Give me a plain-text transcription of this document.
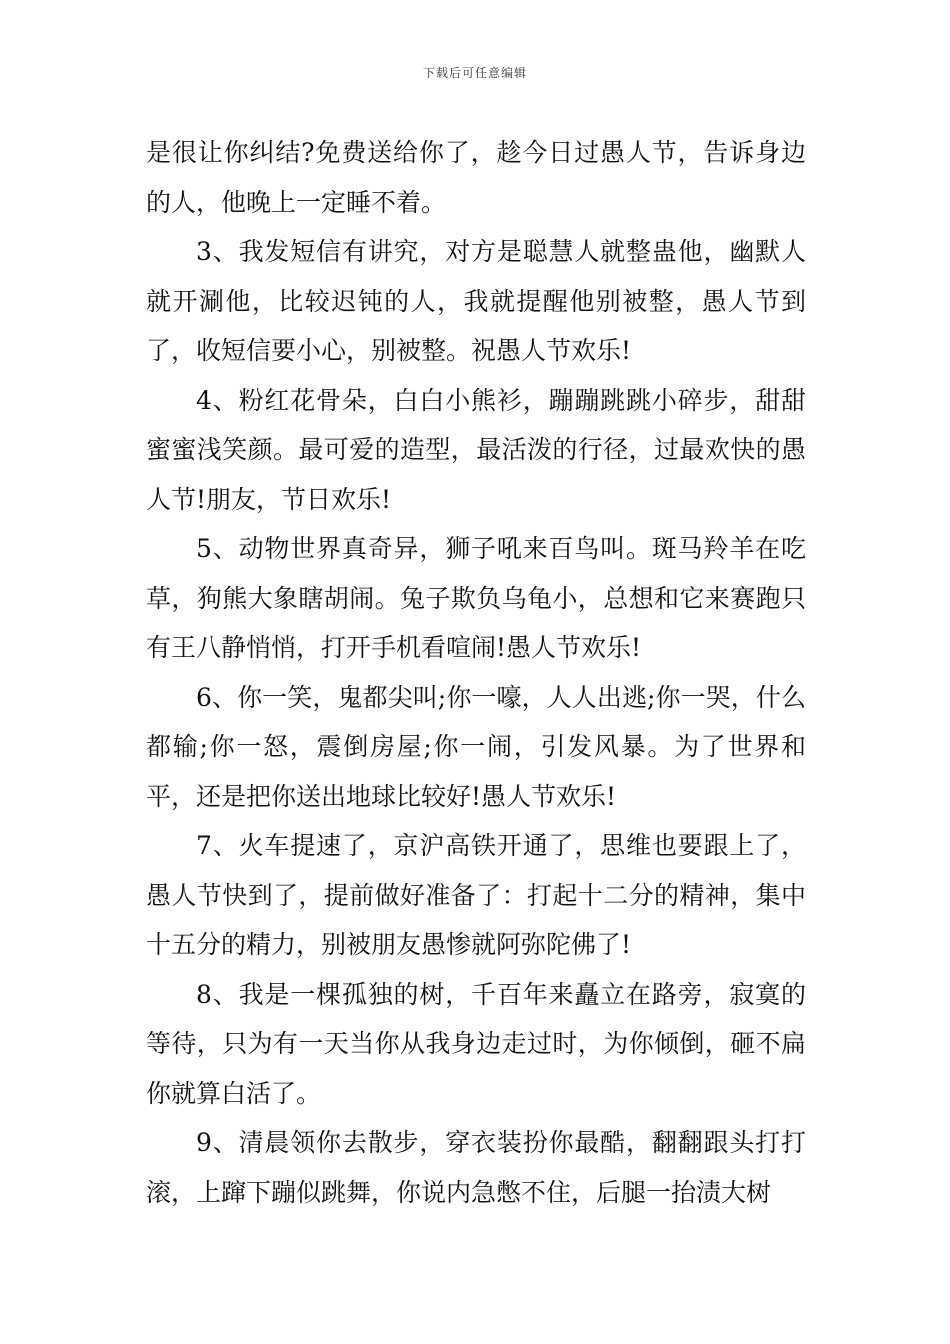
下载后可任意编辑

是很让你纠结?免费送给你了，趁今日过愚人节，告诉身边的人，他晚上一定睡不着。

3、我发短信有讲究，对方是聪慧人就整蛊他，幽默人就开涮他，比较迟钝的人，我就提醒他别被整，愚人节到了，收短信要小心，别被整。祝愚人节欢乐!

4、粉红花骨朵，白白小熊衫，蹦蹦跳跳小碎步，甜甜蜜蜜浅笑颜。最可爱的造型，最活泼的行径，过最欢快的愚人节!朋友，节日欢乐!

5、动物世界真奇异，狮子吼来百鸟叫。斑马羚羊在吃草，狗熊大象瞎胡闹。兔子欺负乌龟小，总想和它来赛跑只有王八静悄悄，打开手机看喧闹!愚人节欢乐!

6、你一笑，鬼都尖叫;你一嚎，人人出逃;你一哭，什么都输;你一怒，震倒房屋;你一闹，引发风暴。为了世界和平，还是把你送出地球比较好!愚人节欢乐!

7、火车提速了，京沪高铁开通了，思维也要跟上了，愚人节快到了，提前做好准备了：打起十二分的精神，集中十五分的精力，别被朋友愚惨就阿弥陀佛了!

8、我是一棵孤独的树，千百年来矗立在路旁，寂寞的等待，只为有一天当你从我身边走过时，为你倾倒，砸不扁你就算白活了。

9、清晨领你去散步，穿衣装扮你最酷，翻翻跟头打打滚，上蹿下蹦似跳舞，你说内急憋不住，后腿一抬渍大树
